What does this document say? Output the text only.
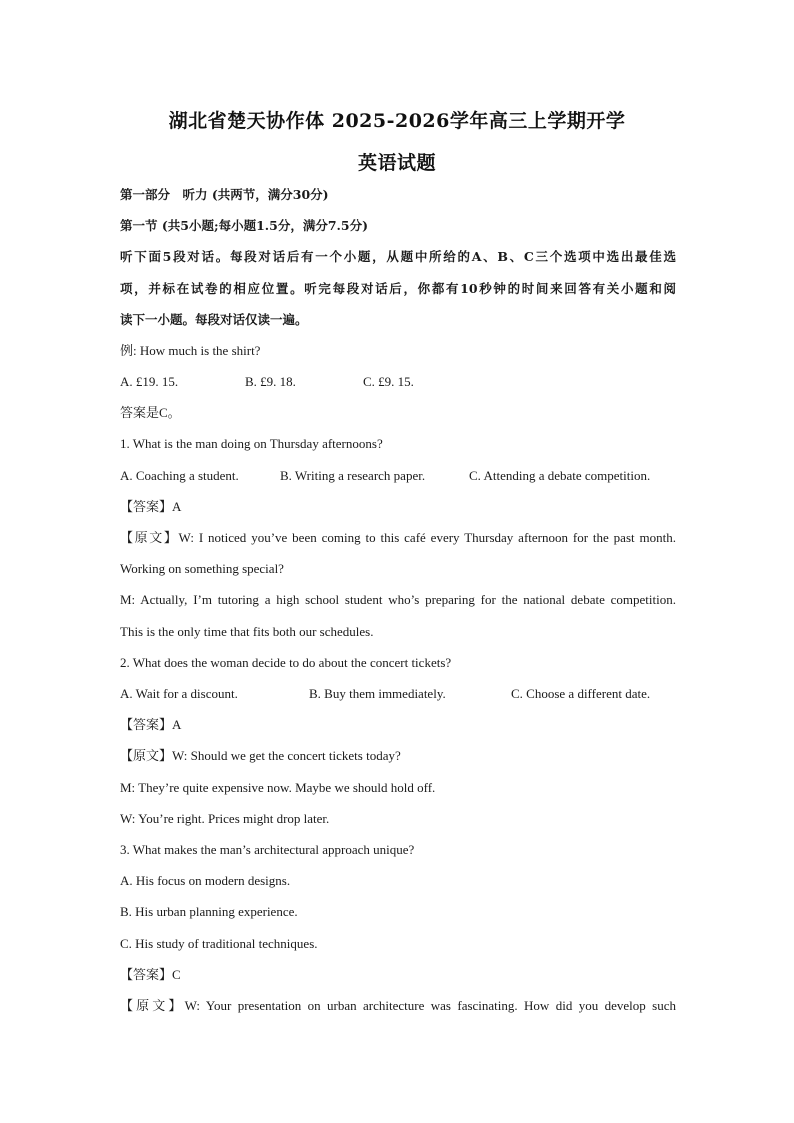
湖北省楚天协作体 2025-2026学年高三上学期开学
英语试题
第一部分　听力 (共两节，满分30分)
第一节 (共5小题;每小题1.5分，满分7.5分)
听下面5段对话。每段对话后有一个小题，从题中所给的A、B、C三个选项中选出最佳选
项，并标在试卷的相应位置。听完每段对话后，你都有10秒钟的时间来回答有关小题和阅
读下一小题。每段对话仅读一遍。
例: How much is the shirt?
A. £19. 15.	B. £9. 18.	C. £9. 15.
答案是C。
1. What is the man doing on Thursday afternoons?
A. Coaching a student.	B. Writing a research paper.	C. Attending a debate competition.
【答案】A
【原文】W: I noticed you’ve been coming to this café every Thursday afternoon for the past month.
Working on something special?
M: Actually, I’m tutoring a high school student who’s preparing for the national debate competition.
This is the only time that fits both our schedules.
2. What does the woman decide to do about the concert tickets?
A. Wait for a discount.	B. Buy them immediately.	C. Choose a different date.
【答案】A
【原文】W: Should we get the concert tickets today?
M: They’re quite expensive now. Maybe we should hold off.
W: You’re right. Prices might drop later.
3. What makes the man’s architectural approach unique?
A. His focus on modern designs.
B. His urban planning experience.
C. His study of traditional techniques.
【答案】C
【原文】W: Your presentation on urban architecture was fascinating. How did you develop such
